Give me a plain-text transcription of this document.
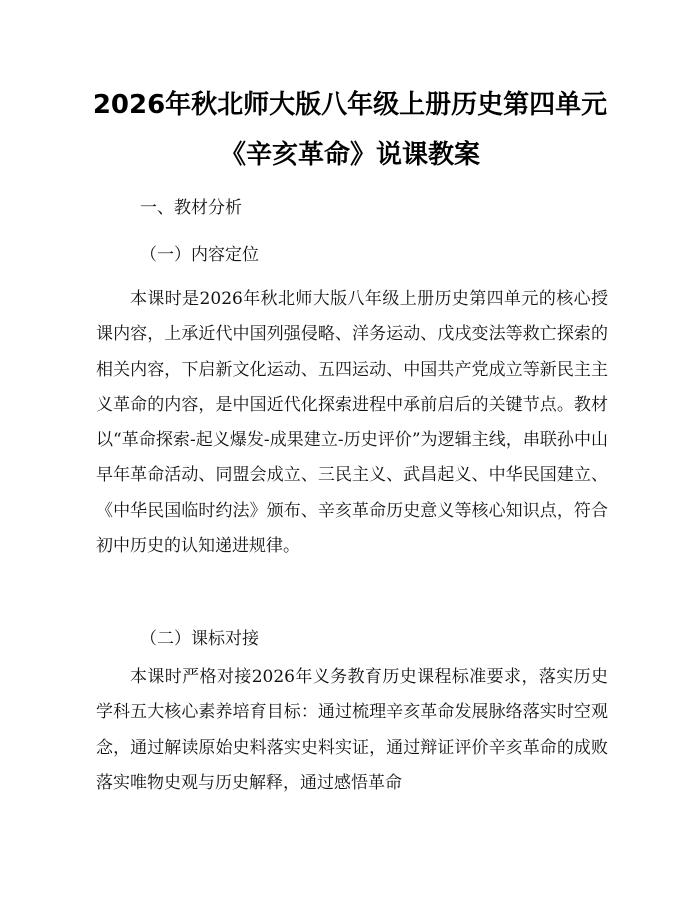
2026年秋北师大版八年级上册历史第四单元
《辛亥革命》说课教案
一、教材分析
（一）内容定位

本课时是2026年秋北师大版八年级上册历史第四单元的核心授课内容，上承近代中国列强侵略、洋务运动、戊戌变法等救亡探索的相关内容，下启新文化运动、五四运动、中国共产党成立等新民主主义革命的内容，是中国近代化探索进程中承前启后的关键节点。教材以“革命探索-起义爆发-成果建立-历史评价”为逻辑主线，串联孙中山早年革命活动、同盟会成立、三民主义、武昌起义、中华民国建立、《中华民国临时约法》颁布、辛亥革命历史意义等核心知识点，符合初中历史的认知递进规律。

（二）课标对接

本课时严格对接2026年义务教育历史课程标准要求，落实历史学科五大核心素养培育目标：通过梳理辛亥革命发展脉络落实时空观念，通过解读原始史料落实史料实证，通过辩证评价辛亥革命的成败落实唯物史观与历史解释，通过感悟革命
